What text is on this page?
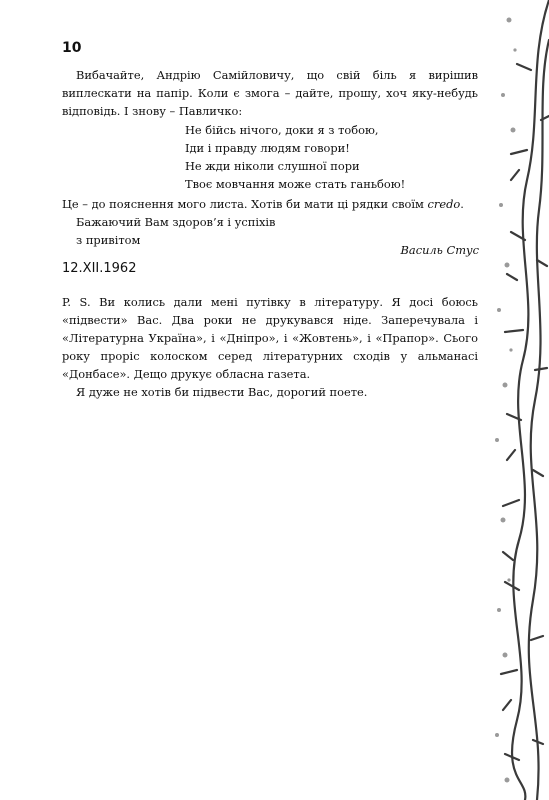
10

Вибачайте, Андрію Самійловичу, що свій біль я вирішив виплескати на папір. Коли є змога – дайте, прошу, хоч яку-небудь відповідь. І знову – Павличко:

Не бійсь нічого, доки я з тобою,
Іди і правду людям говори!
Не жди ніколи слушної пори
Твоє мовчання може стать ганьбою!

Це – до пояснення мого листа. Хотів би мати ці рядки своїм credo.

Бажаючий Вам здоров’я і успіхів
з привітом
Василь Стус
12.XII.1962

P. S. Ви колись дали мені путівку в літературу. Я досі боюсь «підвести» Вас. Два роки не друкувався ніде. Заперечувала і «Літературна Україна», і «Дніпро», і «Жовтень», і «Прапор». Сього року проріс колоском серед літературних сходів у альманасі «Донбасе». Дещо друкує обласна газета.

Я дуже не хотів би підвести Вас, дорогий поете.
